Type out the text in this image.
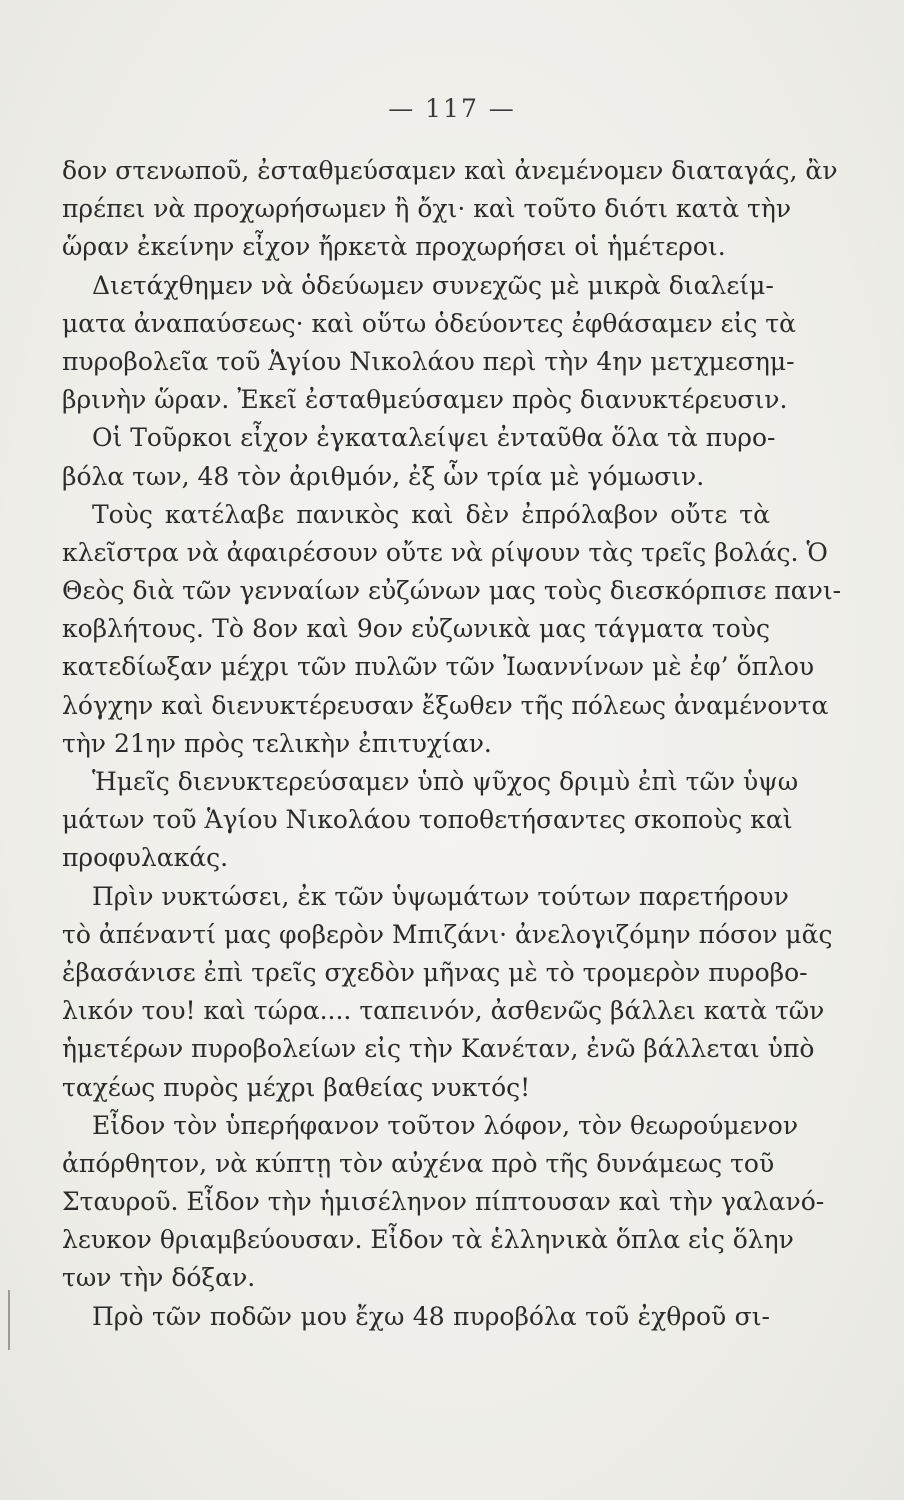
— 117 —
δον στενωποῦ, ἐσταθμεύσαμεν καὶ ἀνεμένομεν διαταγάς, ἂν
πρέπει νὰ προχωρήσωμεν ἢ ὄχι· καὶ τοῦτο διότι κατὰ τὴν
ὥραν ἐκείνην εἶχον ἤρκετὰ προχωρήσει οἱ ἡμέτεροι.
Διετάχθημεν νὰ ὁδεύωμεν συνεχῶς μὲ μικρὰ διαλείμ-
ματα ἀναπαύσεως· καὶ οὕτω ὁδεύοντες ἐφθάσαμεν εἰς τὰ
πυροβολεῖα τοῦ Ἁγίου Νικολάου περὶ τὴν 4ην μετχμεσημ-
βρινὴν ὥραν. Ἐκεῖ ἐσταθμεύσαμεν πρὸς διανυκτέρευσιν.
Οἱ Τοῦρκοι εἶχον ἐγκαταλείψει ἐνταῦθα ὅλα τὰ πυρο-
βόλα των, 48 τὸν ἀριθμόν, ἐξ ὧν τρία μὲ γόμωσιν.
Τοὺς κατέλαβε πανικὸς καὶ δὲν ἐπρόλαβον οὔτε τὰ
κλεῖστρα νὰ ἀφαιρέσουν οὔτε νὰ ρίψουν τὰς τρεῖς βολάς. Ὁ
Θεὸς διὰ τῶν γενναίων εὐζώνων μας τοὺς διεσκόρπισε πανι-
κοβλήτους. Τὸ 8ον καὶ 9ον εὐζωνικὰ μας τάγματα τοὺς
κατεδίωξαν μέχρι τῶν πυλῶν τῶν Ἰωαννίνων μὲ ἐφ’ ὅπλου
λόγχην καὶ διενυκτέρευσαν ἔξωθεν τῆς πόλεως ἀναμένοντα
τὴν 21ην πρὸς τελικὴν ἐπιτυχίαν.
Ἡμεῖς διενυκτερεύσαμεν ὑπὸ ψῦχος δριμὺ ἐπὶ τῶν ὑψω
μάτων τοῦ Ἁγίου Νικολάου τοποθετήσαντες σκοποὺς καὶ
προφυλακάς.
Πρὶν νυκτώσει, ἐκ τῶν ὑψωμάτων τούτων παρετήρουν
τὸ ἀπέναντί μας φοβερὸν Μπιζάνι· ἀνελογιζόμην πόσον μᾶς
ἐβασάνισε ἐπὶ τρεῖς σχεδὸν μῆνας μὲ τὸ τρομερὸν πυροβο-
λικόν του! καὶ τώρα.... ταπεινόν, ἀσθενῶς βάλλει κατὰ τῶν
ἡμετέρων πυροβολείων εἰς τὴν Κανέταν, ἐνῶ βάλλεται ὑπὸ
ταχέως πυρὸς μέχρι βαθείας νυκτός!
Εἶδον τὸν ὑπερήφανον τοῦτον λόφον, τὸν θεωρούμενον
ἀπόρθητον, νὰ κύπτῃ τὸν αὐχένα πρὸ τῆς δυνάμεως τοῦ
Σταυροῦ. Εἶδον τὴν ἡμισέληνον πίπτουσαν καὶ τὴν γαλανό-
λευκον θριαμβεύουσαν. Εἶδον τὰ ἑλληνικὰ ὅπλα εἰς ὅλην
των τὴν δόξαν.
Πρὸ τῶν ποδῶν μου ἔχω 48 πυροβόλα τοῦ ἐχθροῦ σι-
